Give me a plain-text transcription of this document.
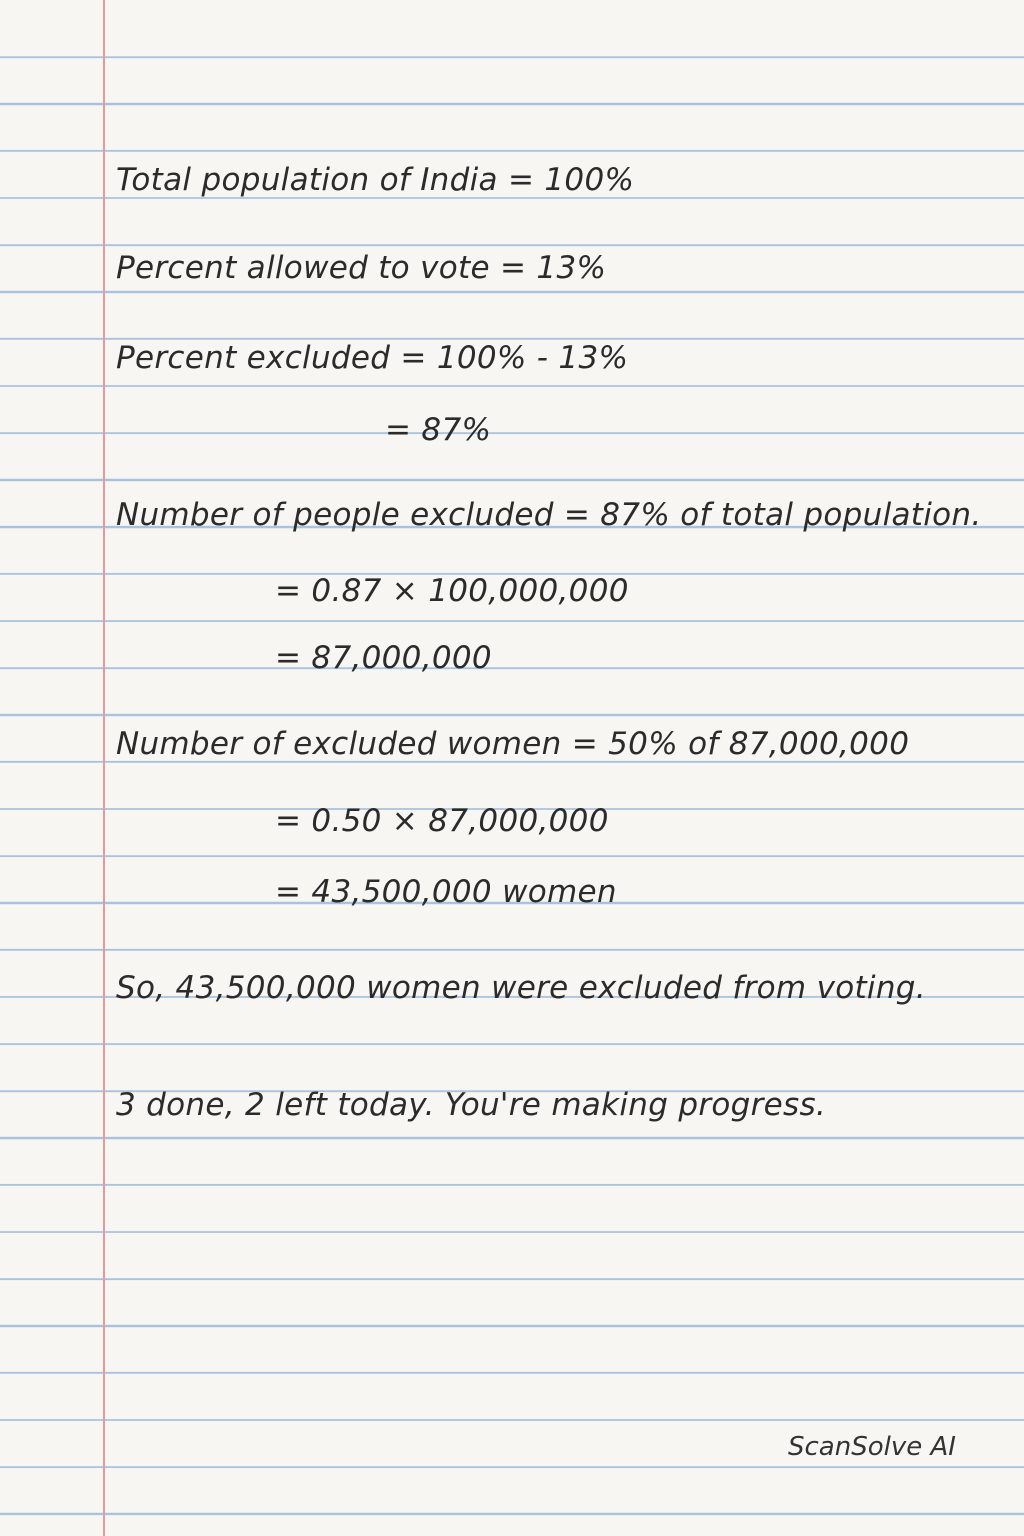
Total population of India = 100%
Percent allowed to vote = 13%
Percent excluded = 100% - 13%
= 87%
Number of people excluded = 87% of total population.
= 0.87 × 100,000,000
= 87,000,000
Number of excluded women = 50% of 87,000,000
= 0.50 × 87,000,000
= 43,500,000 women
So, 43,500,000 women were excluded from voting.
3 done, 2 left today. You're making progress.
ScanSolve AI
